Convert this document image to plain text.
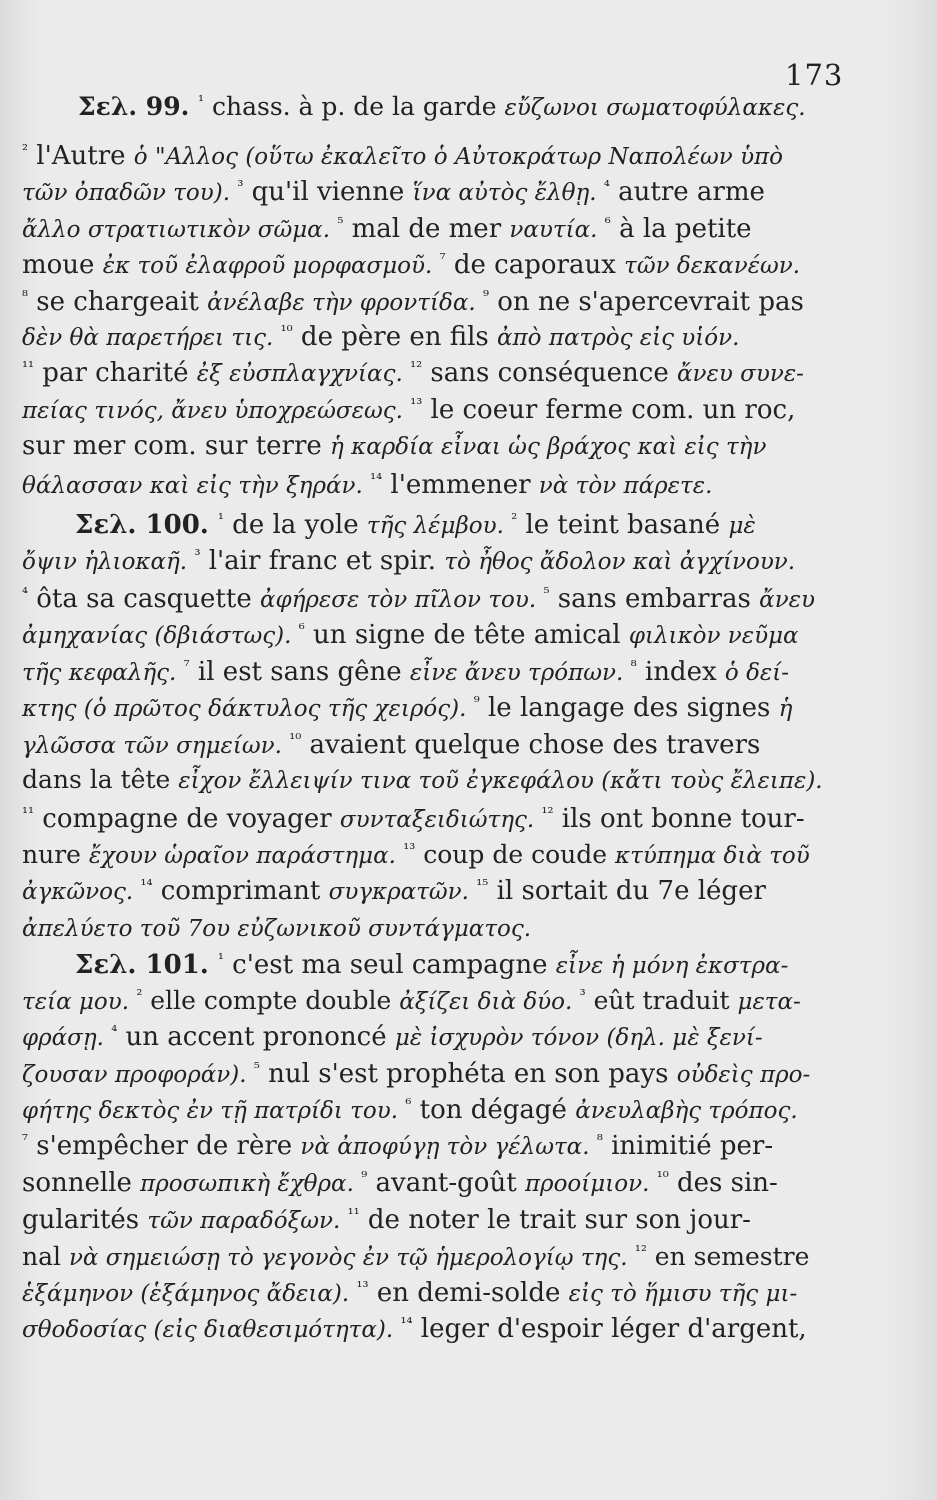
173
Σελ. 99. $^{^1}$ chass. à p. de la garde εὔζωνοι σωματοφύλακες.
$^{^2}$ l'Autre ὁ "Αλλος (οὕτω ἐκαλεῖτο ὁ Αὐτοκράτωρ Ναπολέων ὑπὸ
τῶν ὀπαδῶν του). $^{^3}$ qu'il vienne ἵνα αὐτὸς ἔλθῃ. $^{^4}$ autre arme
ἄλλο στρατιωτικὸν σῶμα. $^{^5}$ mal de mer ναυτία. $^{^6}$ à la petite
moue ἐκ τοῦ ἐλαφροῦ μορφασμοῦ. $^{^7}$ de caporaux τῶν δεκανέων.
$^{^8}$ se chargeait ἀνέλαβε τὴν φροντίδα. $^{^9}$ on ne s'apercevrait pas
δὲν θὰ παρετήρει τις. $^{^{10}}$ de père en fils ἀπὸ πατρὸς εἰς υἱόν.
$^{^{11}}$ par charité ἐξ εὐσπλαγχνίας. $^{^{12}}$ sans conséquence ἄνευ συνε-
πείας τινός, ἄνευ ὑποχρεώσεως. $^{^{13}}$ le coeur ferme com. un roc,
sur mer com. sur terre ἡ καρδία εἶναι ὡς βράχος καὶ εἰς τὴν
θάλασσαν καὶ εἰς τὴν ξηράν. $^{^{14}}$ l'emmener νὰ τὸν πάρετε.
Σελ. 100. $^{^1}$ de la yole τῆς λέμβου. $^{^2}$ le teint basané μὲ
ὄψιν ἡλιοκαῆ. $^{^3}$ l'air franc et spir. τὸ ἦθος ἄδολον καὶ ἀγχίνουν.
$^{^4}$ ôta sa casquette ἀφήρεσε τὸν πῖλον του. $^{^5}$ sans embarras ἄνευ
ἀμηχανίας (δβιάστως). $^{^6}$ un signe de tête amical φιλικὸν νεῦμα
τῆς κεφαλῆς. $^{^7}$ il est sans gêne εἶνε ἄνευ τρόπων. $^{^8}$ index ὁ δεί-
κτης (ὁ πρῶτος δάκτυλος τῆς χειρός). $^{^9}$ le langage des signes ἡ
γλῶσσα τῶν σημείων. $^{^{10}}$ avaient quelque chose des travers
dans la tête εἶχον ἔλλειψίν τινα τοῦ ἐγκεφάλου (κἄτι τοὺς ἔλειπε).
$^{^{11}}$ compagne de voyager συνταξειδιώτης. $^{^{12}}$ ils ont bonne tour-
nure ἔχουν ὡραῖον παράστημα. $^{^{13}}$ coup de coude κτύπημα διὰ τοῦ
ἀγκῶνος. $^{^{14}}$ comprimant συγκρατῶν. $^{^{15}}$ il sortait du 7e léger
ἀπελύετο τοῦ 7ου εὐζωνικοῦ συντάγματος.
Σελ. 101. $^{^1}$ c'est ma seul campagne εἶνε ἡ μόνη ἐκστρα-
τεία μου. $^{^2}$ elle compte double ἀξίζει διὰ δύο. $^{^3}$ eût traduit μετα-
φράσῃ. $^{^4}$ un accent prononcé μὲ ἰσχυρὸν τόνον (δηλ. μὲ ξενί-
ζουσαν προφοράν). $^{^5}$ nul s'est prophéta en son pays οὐδεὶς προ-
φήτης δεκτὸς ἐν τῇ πατρίδι του. $^{^6}$ ton dégagé ἀνευλαβὴς τρόπος.
$^{^7}$ s'empêcher de rère νὰ ἀποφύγῃ τὸν γέλωτα. $^{^8}$ inimitié per-
sonnelle προσωπικὴ ἔχθρα. $^{^9}$ avant-goût προοίμιον. $^{^{10}}$ des sin-
gularités τῶν παραδόξων. $^{^{11}}$ de noter le trait sur son jour-
nal νὰ σημειώσῃ τὸ γεγονὸς ἐν τῷ ἡμερολογίῳ της. $^{^{12}}$ en semestre
ἑξάμηνον (ἑξάμηνος ἄδεια). $^{^{13}}$ en demi-solde εἰς τὸ ἥμισυ τῆς μι-
σθοδοσίας (εἰς διαθεσιμότητα). $^{^{14}}$ leger d'espoir léger d'argent,
